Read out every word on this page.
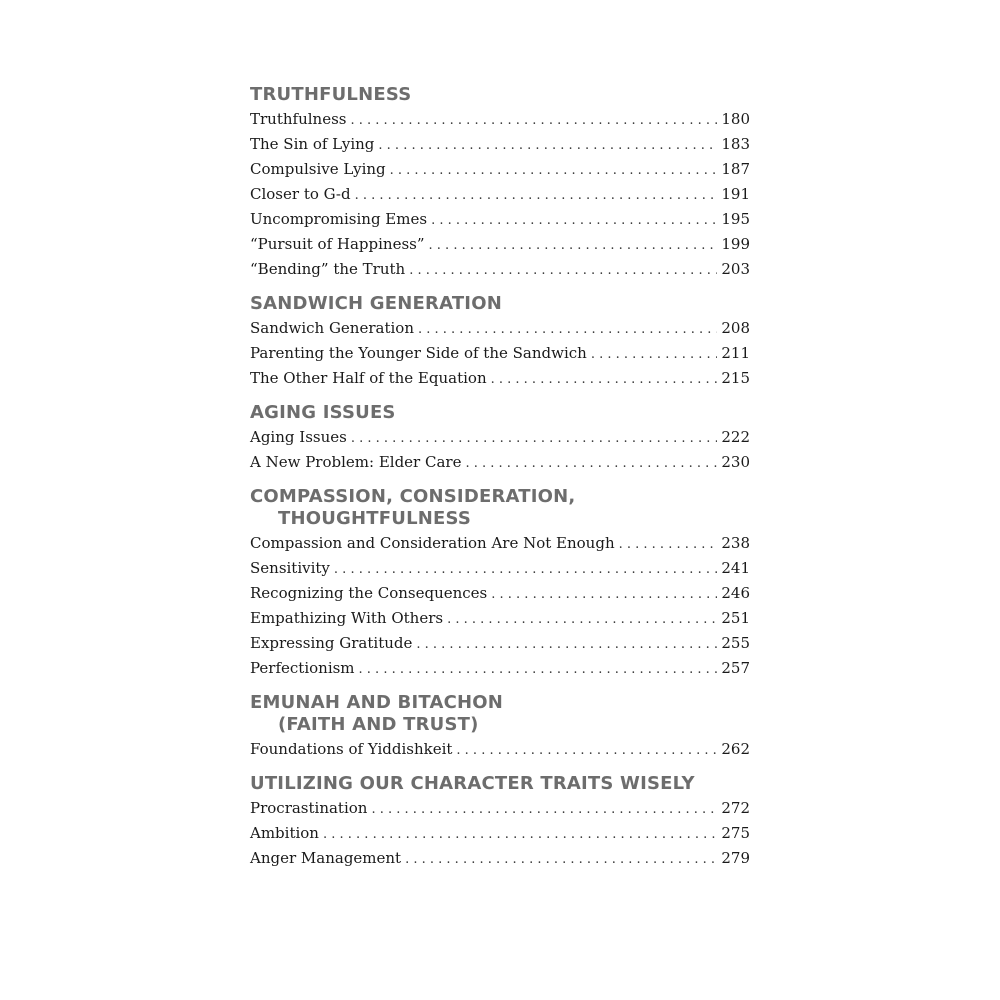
TRUTHFULNESS
Truthfulness . . .	180
The Sin of Lying . . .	183
Compulsive Lying . . .	187
Closer to G-d . . .	191
Uncompromising Emes . . .	195
“Pursuit of Happiness” . . .	199
“Bending” the Truth . . .	203
SANDWICH GENERATION
Sandwich Generation . . .	208
Parenting the Younger Side of the Sandwich . . .	211
The Other Half of the Equation . . .	215
AGING ISSUES
Aging Issues . . .	222
A New Problem: Elder Care . . .	230
COMPASSION, CONSIDERATION,
THOUGHTFULNESS
Compassion and Consideration Are Not Enough . . .	238
Sensitivity . . .	241
Recognizing the Consequences . . .	246
Empathizing With Others . . .	251
Expressing Gratitude . . .	255
Perfectionism . . .	257
EMUNAH AND BITACHON
(FAITH AND TRUST)
Foundations of Yiddishkeit . . .	262
UTILIZING OUR CHARACTER TRAITS WISELY
Procrastination . . .	272
Ambition . . .	275
Anger Management . . .	279
